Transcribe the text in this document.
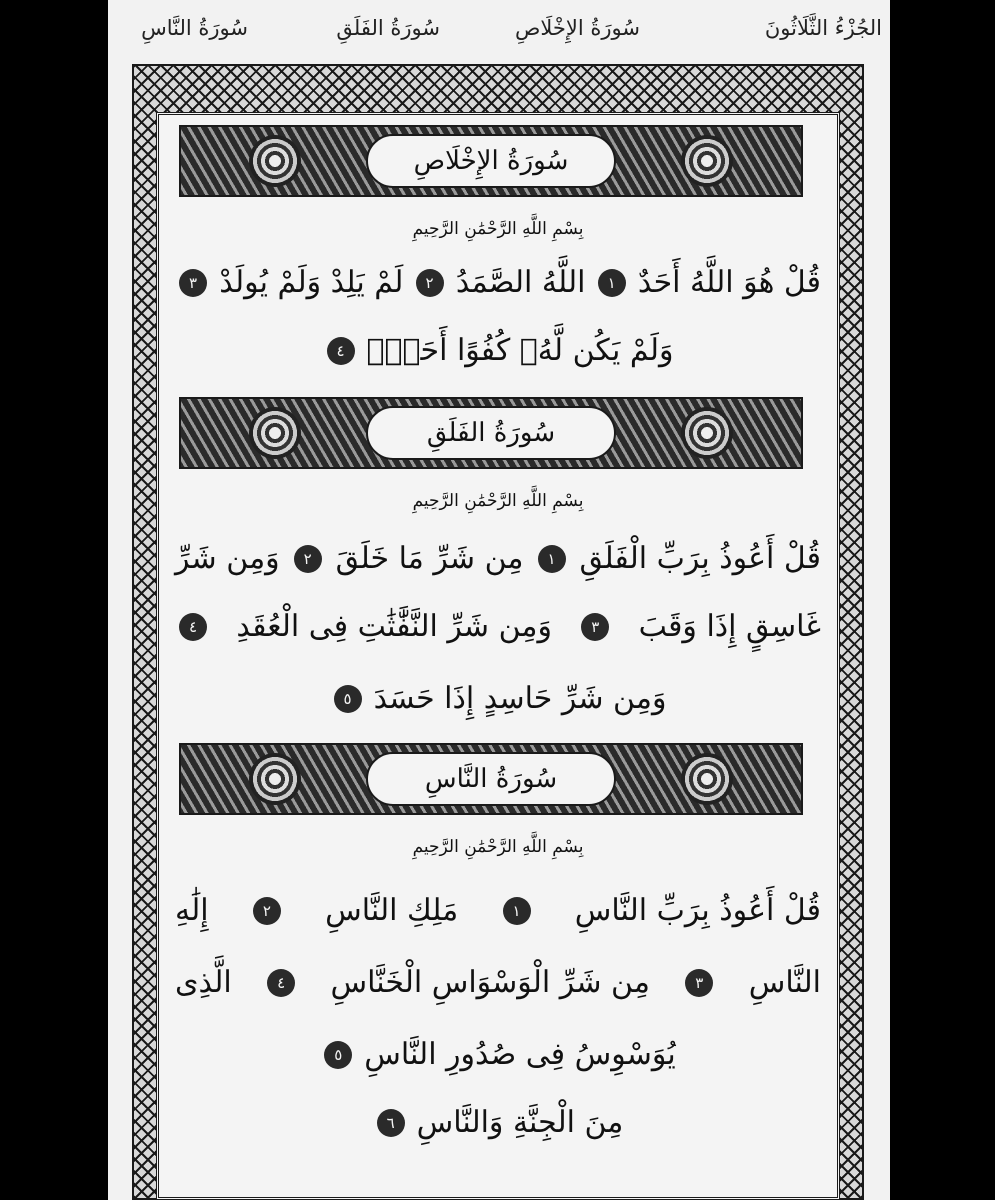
الجُزْءُ الثَّلَاثُونَ
سُورَةُ الإِخْلَاصِ
سُورَةُ الفَلَقِ
سُورَةُ النَّاسِ
سُورَةُ الإِخْلَاصِ
بِسْمِ اللَّهِ الرَّحْمَٰنِ الرَّحِيمِ
قُلْ هُوَ اللَّهُ أَحَدٌ
١
اللَّهُ الصَّمَدُ
٢
لَمْ يَلِدْ وَلَمْ يُولَدْ
٣
وَلَمْ يَكُن لَّهُۥ كُفُوًا أَحَدٌۢ
٤
سُورَةُ الفَلَقِ
بِسْمِ اللَّهِ الرَّحْمَٰنِ الرَّحِيمِ
قُلْ أَعُوذُ بِرَبِّ الْفَلَقِ
١
مِن شَرِّ مَا خَلَقَ
٢
وَمِن شَرِّ
غَاسِقٍ إِذَا وَقَبَ
٣
وَمِن شَرِّ النَّفَّٰثَٰتِ فِى الْعُقَدِ
٤
وَمِن شَرِّ حَاسِدٍ إِذَا حَسَدَ
٥
سُورَةُ النَّاسِ
بِسْمِ اللَّهِ الرَّحْمَٰنِ الرَّحِيمِ
قُلْ أَعُوذُ بِرَبِّ النَّاسِ
١
مَلِكِ النَّاسِ
٢
إِلَٰهِ
النَّاسِ
٣
مِن شَرِّ الْوَسْوَاسِ الْخَنَّاسِ
٤
الَّذِى
يُوَسْوِسُ فِى صُدُورِ النَّاسِ
٥
مِنَ الْجِنَّةِ وَالنَّاسِ
٦
